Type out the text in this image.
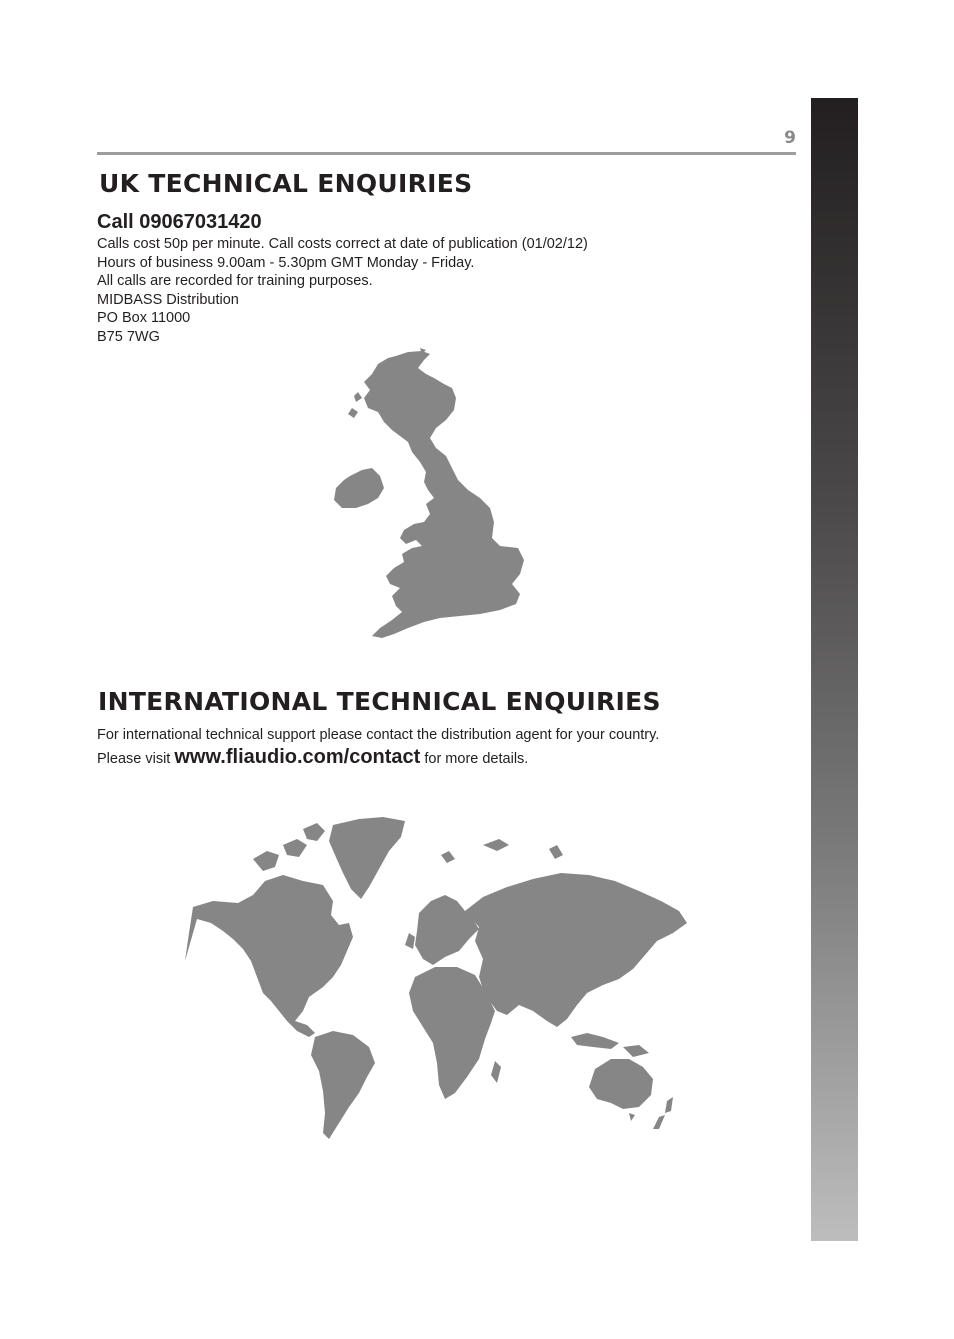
9
UK TECHNICAL ENQUIRIES
Call 09067031420
Calls cost 50p per minute. Call costs correct at date of publication (01/02/12)
Hours of business 9.00am - 5.30pm GMT Monday - Friday.
All calls are recorded for training purposes.
MIDBASS Distribution
PO Box 11000
B75 7WG
INTERNATIONAL TECHNICAL ENQUIRIES
For international technical support please contact the distribution agent for your country.
Please visit www.fliaudio.com/contact for more details.
